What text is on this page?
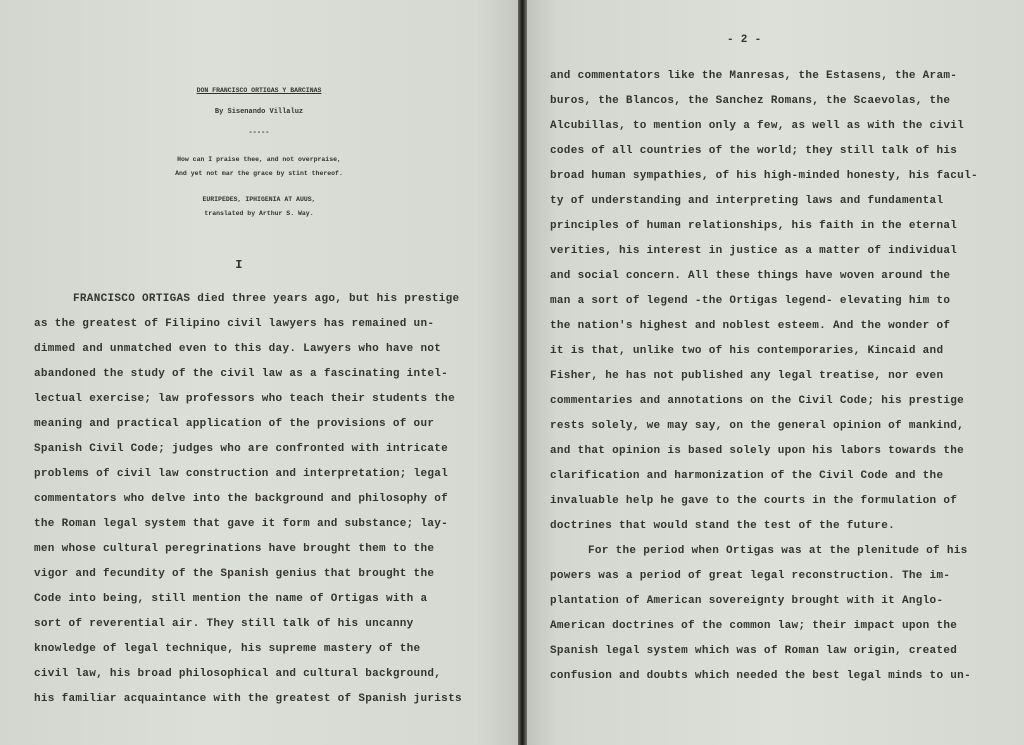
DON FRANCISCO ORTIGAS Y BARCINAS
By Sisenando Villaluz
-----
How can I praise thee, and not overpraise,
And yet not mar the grace by stint thereof.
EURIPEDES, IPHIGENIA AT AUUS,
translated by Arthur S. Way.
I
FRANCISCO ORTIGAS died three years ago, but his prestige
as the greatest of Filipino civil lawyers has remained un-
dimmed and unmatched even to this day. Lawyers who have not
abandoned the study of the civil law as a fascinating intel-
lectual exercise; law professors who teach their students the
meaning and practical application of the provisions of our
Spanish Civil Code; judges who are confronted with intricate
problems of civil law construction and interpretation; legal
commentators who delve into the background and philosophy of
the Roman legal system that gave it form and substance; lay-
men whose cultural peregrinations have brought them to the
vigor and fecundity of the Spanish genius that brought the
Code into being, still mention the name of Ortigas with a
sort of reverential air. They still talk of his uncanny
knowledge of legal technique, his supreme mastery of the
civil law, his broad philosophical and cultural background,
his familiar acquaintance with the greatest of Spanish jurists
- 2 -
and commentators like the Manresas, the Estasens, the Aram-
buros, the Blancos, the Sanchez Romans, the Scaevolas, the
Alcubillas, to mention only a few, as well as with the civil
codes of all countries of the world; they still talk of his
broad human sympathies, of his high-minded honesty, his facul-
ty of understanding and interpreting laws and fundamental
principles of human relationships, his faith in the eternal
verities, his interest in justice as a matter of individual
and social concern. All these things have woven around the
man a sort of legend -the Ortigas legend- elevating him to
the nation's highest and noblest esteem. And the wonder of
it is that, unlike two of his contemporaries, Kincaid and
Fisher, he has not published any legal treatise, nor even
commentaries and annotations on the Civil Code; his prestige
rests solely, we may say, on the general opinion of mankind,
and that opinion is based solely upon his labors towards the
clarification and harmonization of the Civil Code and the
invaluable help he gave to the courts in the formulation of
doctrines that would stand the test of the future.
For the period when Ortigas was at the plenitude of his
powers was a period of great legal reconstruction. The im-
plantation of American sovereignty brought with it Anglo-
American doctrines of the common law; their impact upon the
Spanish legal system which was of Roman law origin, created
confusion and doubts which needed the best legal minds to un-
